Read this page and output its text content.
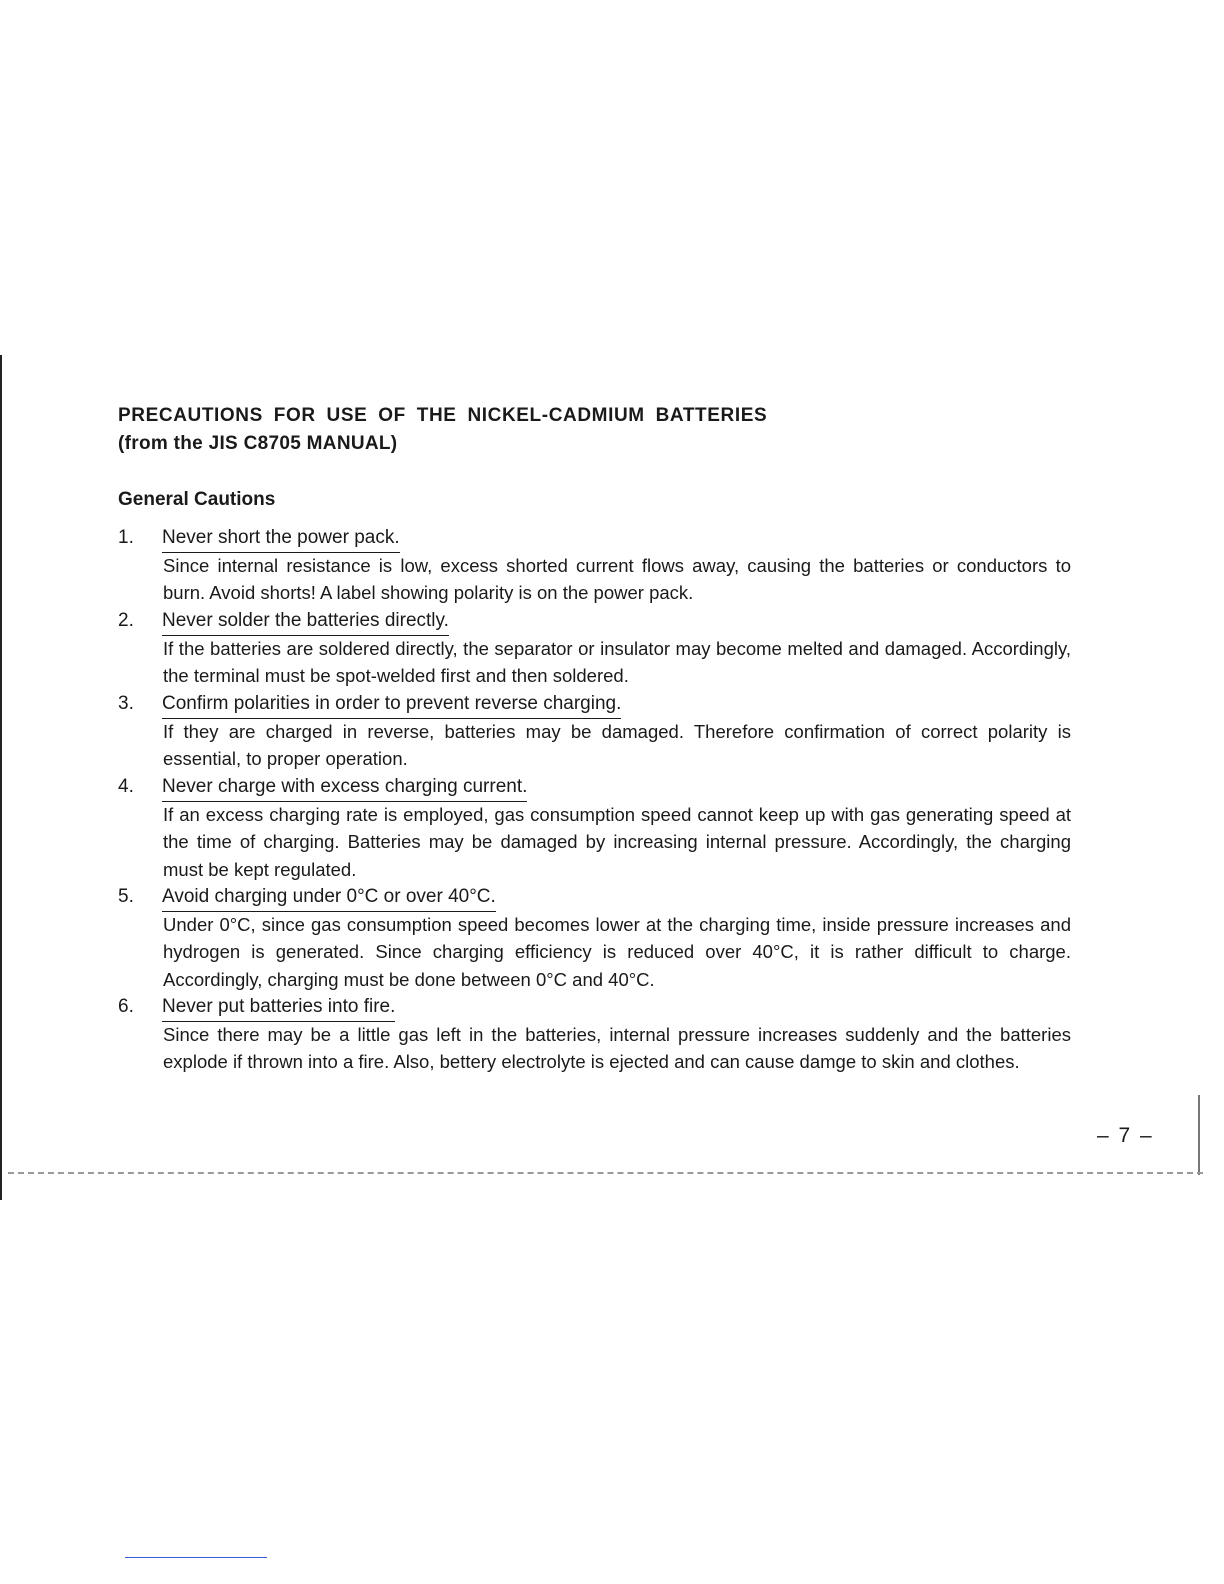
PRECAUTIONS FOR USE OF THE NICKEL-CADMIUM BATTERIES
(from the JIS C8705 MANUAL)
General Cautions
1. Never short the power pack.
Since internal resistance is low, excess shorted current flows away, causing the batteries or conductors to burn. Avoid shorts! A label showing polarity is on the power pack.
2. Never solder the batteries directly.
If the batteries are soldered directly, the separator or insulator may become melted and damaged. Accordingly, the terminal must be spot-welded first and then soldered.
3. Confirm polarities in order to prevent reverse charging.
If they are charged in reverse, batteries may be damaged. Therefore confirmation of correct polarity is essential, to proper operation.
4. Never charge with excess charging current.
If an excess charging rate is employed, gas consumption speed cannot keep up with gas generating speed at the time of charging. Batteries may be damaged by increasing internal pressure. Accordingly, the charging must be kept regulated.
5. Avoid charging under 0°C or over 40°C.
Under 0°C, since gas consumption speed becomes lower at the charging time, inside pressure increases and hydrogen is generated. Since charging efficiency is reduced over 40°C, it is rather difficult to charge. Accordingly, charging must be done between 0°C and 40°C.
6. Never put batteries into fire.
Since there may be a little gas left in the batteries, internal pressure increases suddenly and the batteries explode if thrown into a fire. Also, bettery electrolyte is ejected and can cause damge to skin and clothes.
– 7 –
